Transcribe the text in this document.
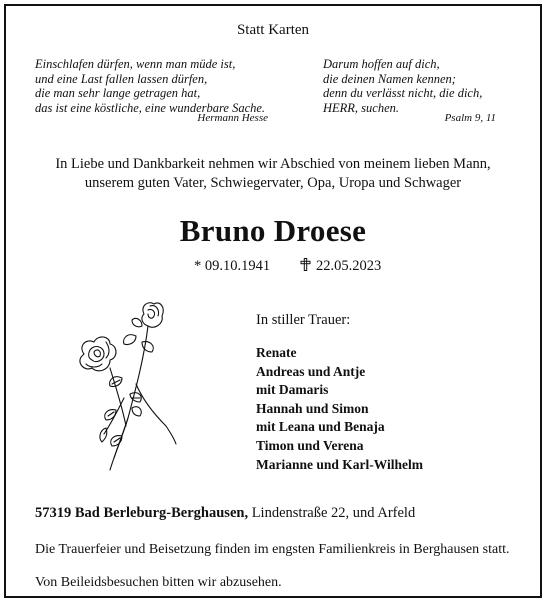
Statt Karten
Einschlafen dürfen, wenn man müde ist,
und eine Last fallen lassen dürfen,
die man sehr lange getragen hat,
das ist eine köstliche, eine wunderbare Sache.
Hermann Hesse
Darum hoffen auf dich,
die deinen Namen kennen;
denn du verlässt nicht, die dich,
HERR, suchen.
Psalm 9, 11
In Liebe und Dankbarkeit nehmen wir Abschied von meinem lieben Mann,
unserem guten Vater, Schwiegervater, Opa, Uropa und Schwager
Bruno Droese
* 09.10.1941	22.05.2023
In stiller Trauer:
Renate
Andreas und Antje
mit Damaris
Hannah und Simon
mit Leana und Benaja
Timon und Verena
Marianne und Karl-Wilhelm
57319 Bad Berleburg-Berghausen, Lindenstraße 22, und Arfeld
Die Trauerfeier und Beisetzung finden im engsten Familienkreis in Berghausen statt.
Von Beileidsbesuchen bitten wir abzusehen.
